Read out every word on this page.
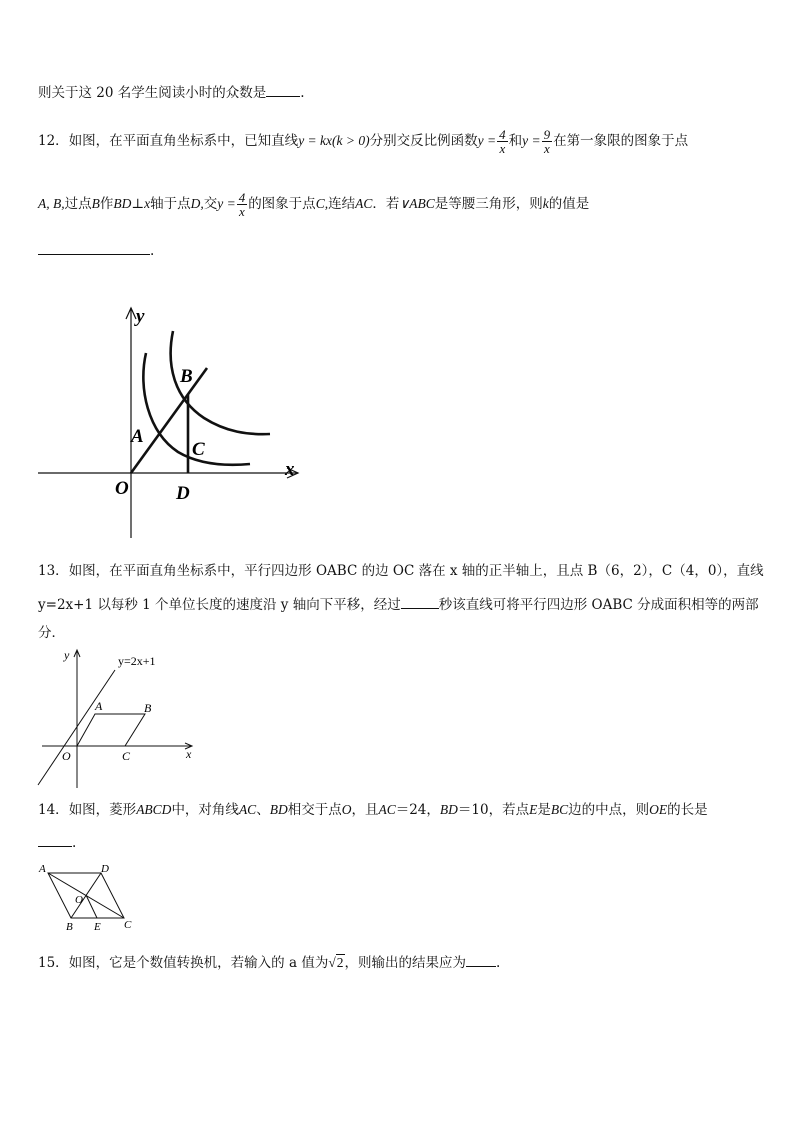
则关于这 20 名学生阅读小时的众数是	.
12．如图，在平面直角坐标系中，已知直线y = kx(k > 0)分别交反比例函数$y = \frac{4}{x}$ 和$y = \frac{9}{x}$ 在第一象限的图象于点
A, B,过点B作BD⊥x轴于点D,交$y = \frac{4}{x}$ 的图象于点C,连结AC．若∨ABC是等腰三角形，则k的值是
.
y
x
O
A
B
C
D
13．如图，在平面直角坐标系中，平行四边形 OABC 的边 OC 落在 x 轴的正半轴上，且点 B（6，2），C（4，0），直线
y=2x+1 以每秒 1 个单位长度的速度沿 y 轴向下平移，经过	秒该直线可将平行四边形 OABC 分成面积相等的两部
分．
y	y=2x+1
A	B
O	C	x
14．如图，菱形ABCD中，对角线AC、BD相交于点O，且AC＝24，BD＝10，若点E是BC边的中点，则OE的长是
.
A	D
O
B E C
15．如图，它是个数值转换机，若输入的 a 值为√2，则输出的结果应为 .
